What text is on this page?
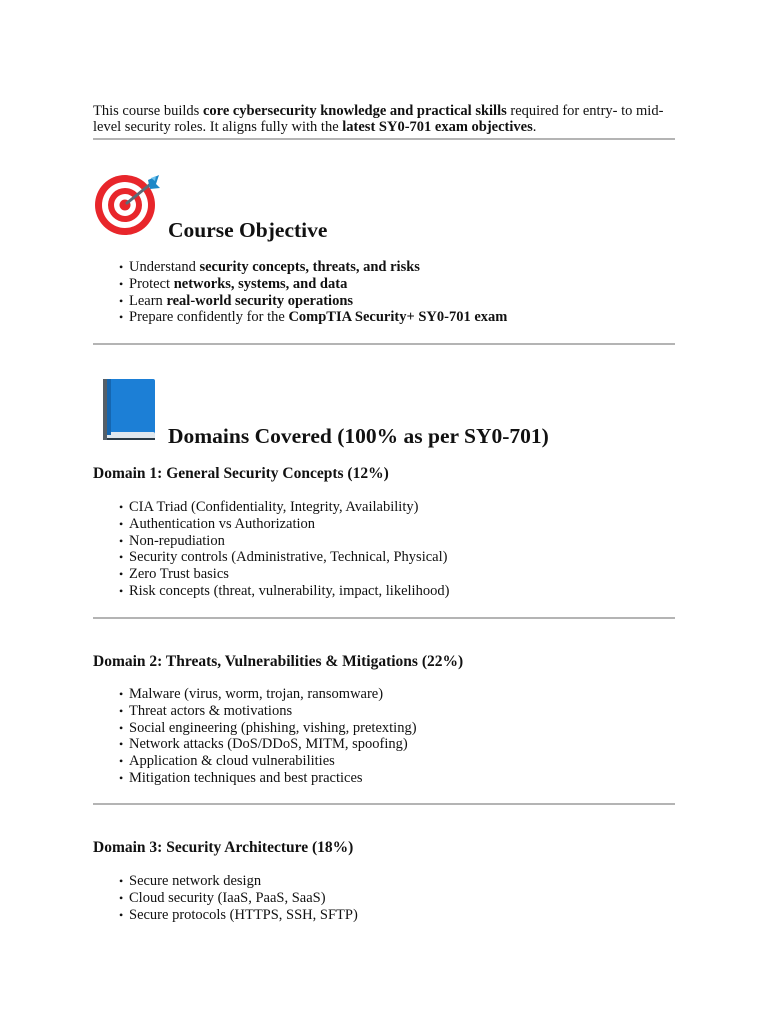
This course builds core cybersecurity knowledge and practical skills required for entry- to mid-level security roles. It aligns fully with the latest SY0-701 exam objectives.

Course Objective
• Understand security concepts, threats, and risks
• Protect networks, systems, and data
• Learn real-world security operations
• Prepare confidently for the CompTIA Security+ SY0-701 exam
Domains Covered (100% as per SY0-701)
Domain 1: General Security Concepts (12%)
• CIA Triad (Confidentiality, Integrity, Availability)
• Authentication vs Authorization
• Non-repudiation
• Security controls (Administrative, Technical, Physical)
• Zero Trust basics
• Risk concepts (threat, vulnerability, impact, likelihood)
Domain 2: Threats, Vulnerabilities & Mitigations (22%)
• Malware (virus, worm, trojan, ransomware)
• Threat actors & motivations
• Social engineering (phishing, vishing, pretexting)
• Network attacks (DoS/DDoS, MITM, spoofing)
• Application & cloud vulnerabilities
• Mitigation techniques and best practices
Domain 3: Security Architecture (18%)
• Secure network design
• Cloud security (IaaS, PaaS, SaaS)
• Secure protocols (HTTPS, SSH, SFTP)
